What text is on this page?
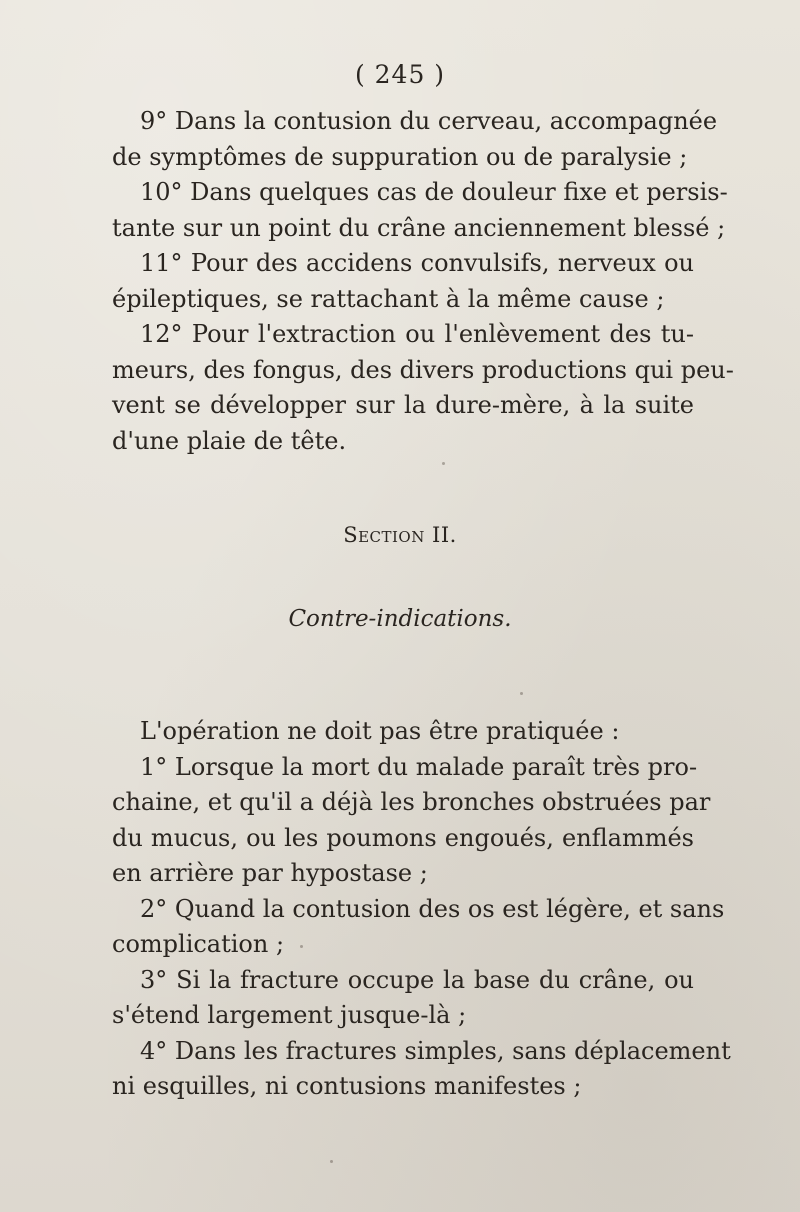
( 245 )
9° Dans la contusion du cerveau, accompagnée
de symptômes de suppuration ou de paralysie ;
10° Dans quelques cas de douleur fixe et persis-
tante sur un point du crâne anciennement blessé ;
11° Pour des accidens convulsifs, nerveux ou
épileptiques, se rattachant à la même cause ;
12° Pour l'extraction ou l'enlèvement des tu-
meurs, des fongus, des divers productions qui peu-
vent se développer sur la dure-mère, à la suite
d'une plaie de tête.
Section II.
Contre-indications.
L'opération ne doit pas être pratiquée :
1° Lorsque la mort du malade paraît très pro-
chaine, et qu'il a déjà les bronches obstruées par
du mucus, ou les poumons engoués, enflammés
en arrière par hypostase ;
2° Quand la contusion des os est légère, et sans
complication ;
3° Si la fracture occupe la base du crâne, ou
s'étend largement jusque-là ;
4° Dans les fractures simples, sans déplacement
ni esquilles, ni contusions manifestes ;
